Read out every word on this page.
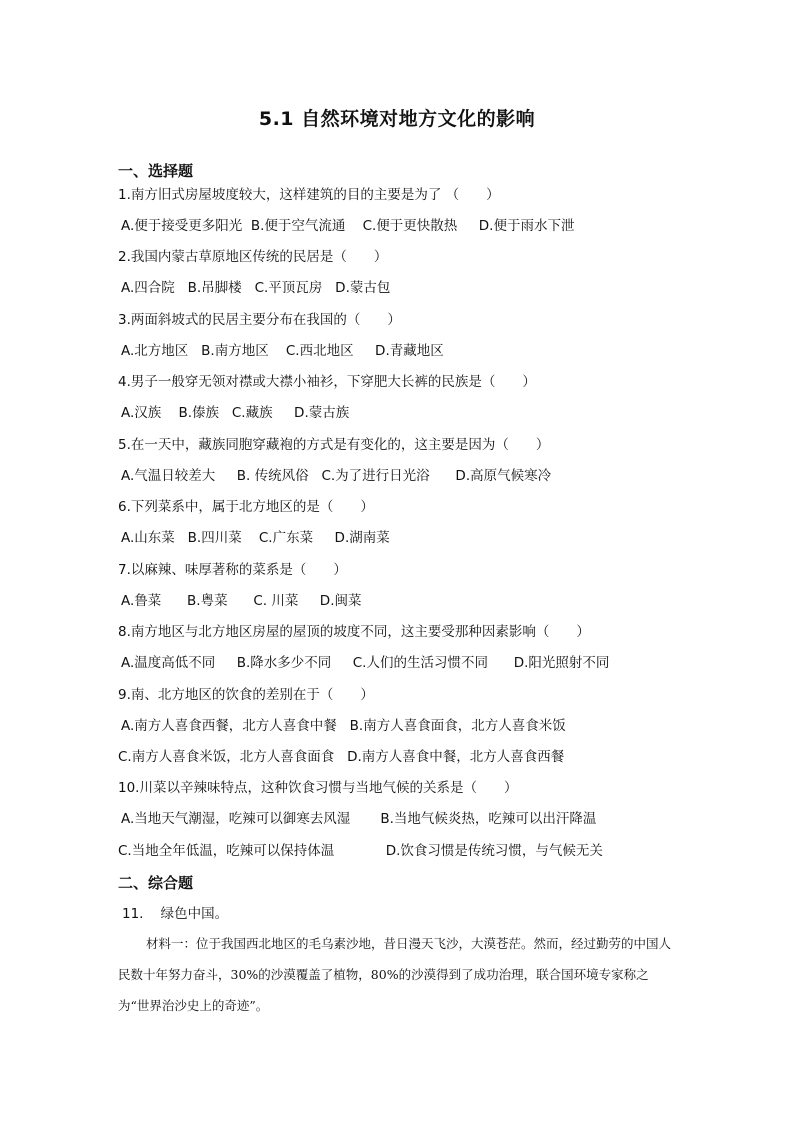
5.1 自然环境对地方文化的影响
一、选择题
1.南方旧式房屋坡度较大，这样建筑的目的主要是为了 （　　）
A.便于接受更多阳光  B.便于空气流通    C.便于更快散热     D.便于雨水下泄
2.我国内蒙古草原地区传统的民居是（　　）
A.四合院   B.吊脚楼   C.平顶瓦房   D.蒙古包
3.两面斜坡式的民居主要分布在我国的（　　）
A.北方地区   B.南方地区    C.西北地区     D.青藏地区
4.男子一般穿无领对襟或大襟小袖衫，下穿肥大长裤的民族是（　　）
A.汉族    B.傣族   C.藏族     D.蒙古族
5.在一天中，藏族同胞穿藏袍的方式是有变化的，这主要是因为（　　）
A.气温日较差大     B. 传统风俗   C.为了进行日光浴      D.高原气候寒冷
6.下列菜系中，属于北方地区的是（　　）
A.山东菜   B.四川菜    C.广东菜     D.湖南菜
7.以麻辣、味厚著称的菜系是（　　）
A.鲁菜      B.粤菜      C. 川菜     D.闽菜
8.南方地区与北方地区房屋的屋顶的坡度不同，这主要受那种因素影响（　　）
A.温度高低不同     B.降水多少不同     C.人们的生活习惯不同      D.阳光照射不同
9.南、北方地区的饮食的差别在于（　　）
A.南方人喜食西餐，北方人喜食中餐   B.南方人喜食面食，北方人喜食米饭
C.南方人喜食米饭，北方人喜食面食   D.南方人喜食中餐，北方人喜食西餐
10.川菜以辛辣味特点，这种饮食习惯与当地气候的关系是（　　）
A.当地天气潮湿，吃辣可以御寒去风湿       B.当地气候炎热，吃辣可以出汗降温
C.当地全年低温，吃辣可以保持体温            D.饮食习惯是传统习惯，与气候无关
二、综合题
11.    绿色中国。
材料一：位于我国西北地区的毛乌素沙地，昔日漫天飞沙，大漠苍茫。然而，经过勤劳的中国人民数十年努力奋斗，30%的沙漠覆盖了植物，80%的沙漠得到了成功治理，联合国环境专家称之为“世界治沙史上的奇迹”。
